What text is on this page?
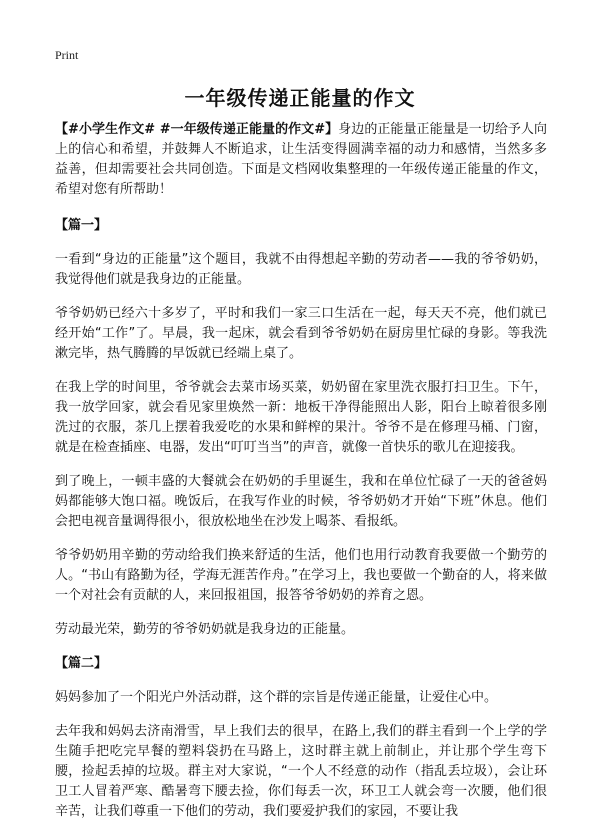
Print
一年级传递正能量的作文

【#小学生作文# #一年级传递正能量的作文#】身边的正能量正能量是一切给予人向上的信心和希望，并鼓舞人不断追求，让生活变得圆满幸福的动力和感情，当然多多益善，但却需要社会共同创造。下面是文档网收集整理的一年级传递正能量的作文，希望对您有所帮助！

【篇一】

一看到“身边的正能量”这个题目，我就不由得想起辛勤的劳动者——我的爷爷奶奶，我觉得他们就是我身边的正能量。

爷爷奶奶已经六十多岁了，平时和我们一家三口生活在一起，每天天不亮，他们就已经开始“工作”了。早晨，我一起床，就会看到爷爷奶奶在厨房里忙碌的身影。等我洗漱完毕，热气腾腾的早饭就已经端上桌了。

在我上学的时间里，爷爷就会去菜市场买菜，奶奶留在家里洗衣服打扫卫生。下午，我一放学回家，就会看见家里焕然一新：地板干净得能照出人影，阳台上晾着很多刚洗过的衣服，茶几上摆着我爱吃的水果和鲜榨的果汁。爷爷不是在修理马桶、门窗，就是在检查插座、电器，发出“叮叮当当”的声音，就像一首快乐的歌儿在迎接我。

到了晚上，一顿丰盛的大餐就会在奶奶的手里诞生，我和在单位忙碌了一天的爸爸妈妈都能够大饱口福。晚饭后，在我写作业的时候，爷爷奶奶才开始“下班”休息。他们会把电视音量调得很小，很放松地坐在沙发上喝茶、看报纸。

爷爷奶奶用辛勤的劳动给我们换来舒适的生活，他们也用行动教育我要做一个勤劳的人。“书山有路勤为径，学海无涯苦作舟。”在学习上，我也要做一个勤奋的人，将来做一个对社会有贡献的人，来回报祖国，报答爷爷奶奶的养育之恩。

劳动最光荣，勤劳的爷爷奶奶就是我身边的正能量。

【篇二】

妈妈参加了一个阳光户外活动群，这个群的宗旨是传递正能量，让爱住心中。

去年我和妈妈去济南滑雪，早上我们去的很早，在路上,我们的群主看到一个上学的学生随手把吃完早餐的塑料袋扔在马路上，这时群主就上前制止，并让那个学生弯下腰，捡起丢掉的垃圾。群主对大家说，“一个人不经意的动作（指乱丢垃圾），会让环卫工人冒着严寒、酷暑弯下腰去捡，你们每丢一次，环卫工人就会弯一次腰，他们很辛苦，让我们尊重一下他们的劳动，我们要爱护我们的家园，不要让我
